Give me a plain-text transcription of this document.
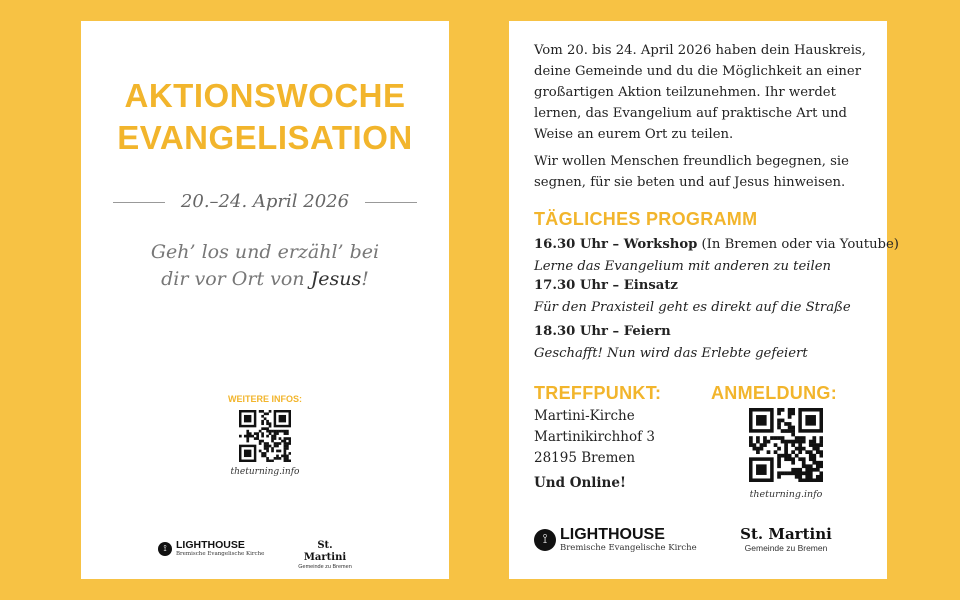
AKTIONSWOCHE
EVANGELISATION
20.–24. April 2026
Geh’ los und erzähl’ bei
dir vor Ort von Jesus!
WEITERE INFOS:
theturning.info
⟟ LIGHTHOUSE
Bremische Evangelische Kirche
St. Martini
Gemeinde zu Bremen
Vom 20. bis 24. April 2026 haben dein Hauskreis, deine Gemeinde und du die Möglichkeit an einer großartigen Aktion teilzunehmen. Ihr werdet lernen, das Evangelium auf praktische Art und Weise an eurem Ort zu teilen.
Wir wollen Menschen freundlich begegnen, sie segnen, für sie beten und auf Jesus hinweisen.
TÄGLICHES PROGRAMM
16.30 Uhr – Workshop (In Bremen oder via Youtube)
Lerne das Evangelium mit anderen zu teilen
17.30 Uhr – Einsatz
Für den Praxisteil geht es direkt auf die Straße
18.30 Uhr – Feiern
Geschafft! Nun wird das Erlebte gefeiert
TREFFPUNKT:
Martini-Kirche
Martinikirchhof 3
28195 Bremen
Und Online!
ANMELDUNG:
theturning.info
⟟ LIGHTHOUSE
Bremische Evangelische Kirche
St. Martini
Gemeinde zu Bremen
